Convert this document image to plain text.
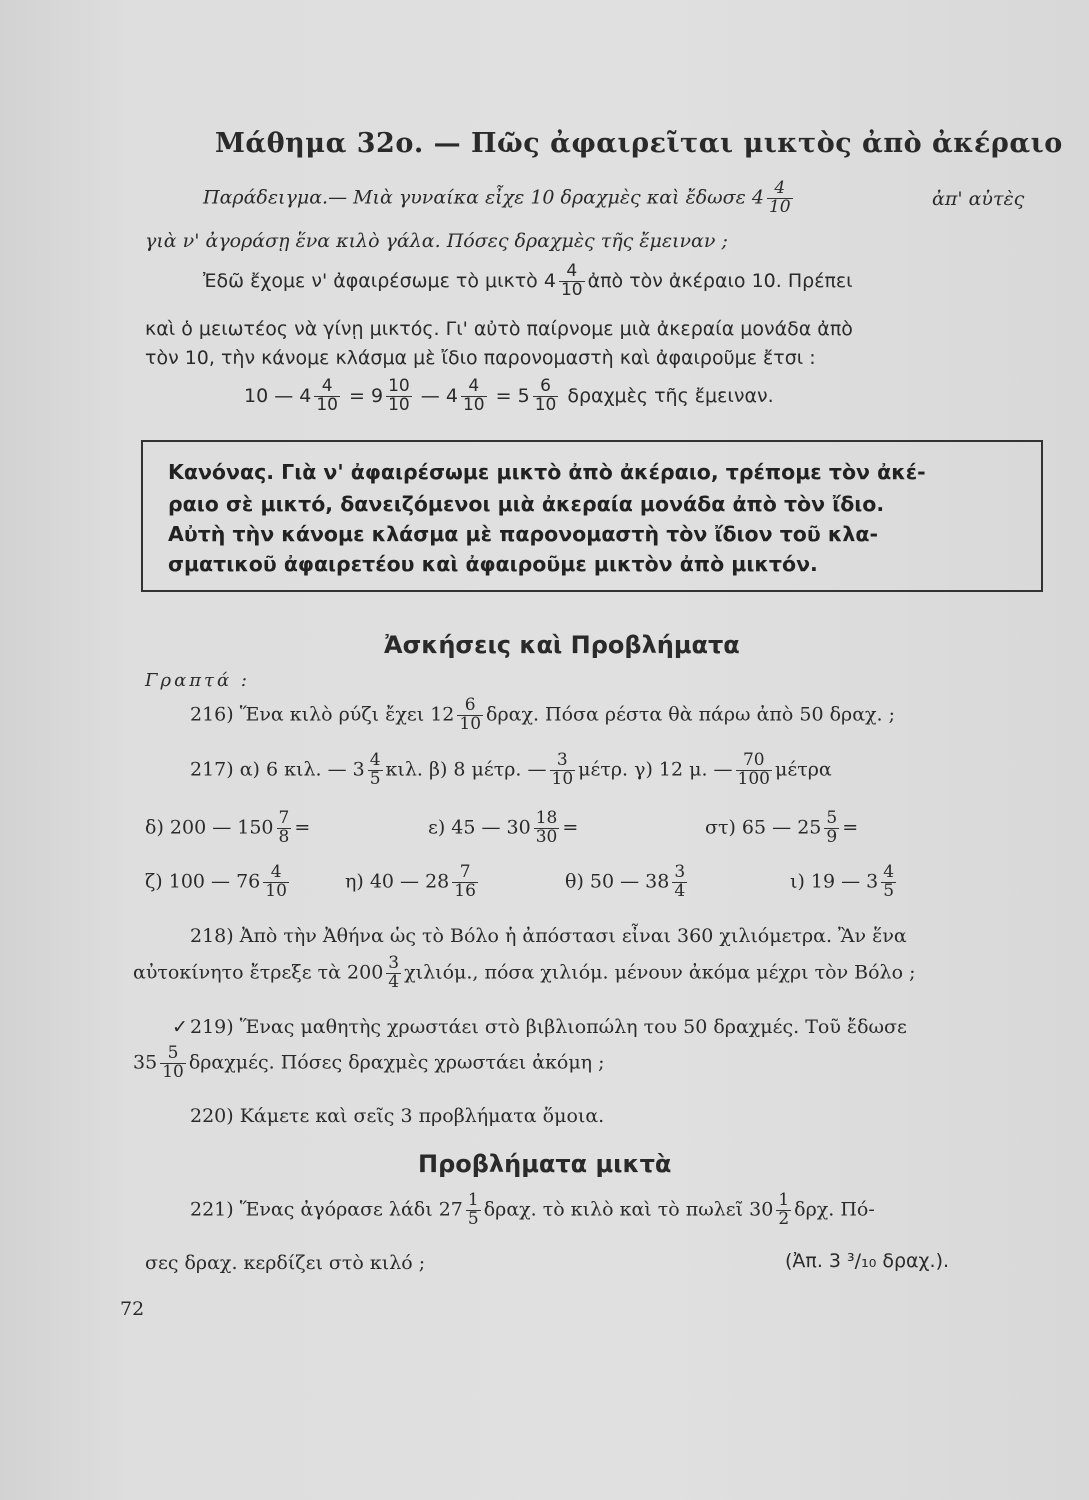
Μάθημα 32ο. — Πῶς ἀφαιρεῖται μικτὸς ἀπὸ ἀκέραιο
Παράδειγμα.— Μιὰ γυναίκα εἶχε 10 δραχμὲς καὶ ἔδωσε $4 \frac{4}{10}$	ἀπ' αὐτὲς
γιὰ ν' ἀγοράσῃ ἕνα κιλὸ γάλα. Πόσες δραχμὲς τῆς ἔμειναν ;
Ἐδῶ ἔχομε ν' ἀφαιρέσωμε τὸ μικτὸ $4 \frac{4}{10}$ ἀπὸ τὸν ἀκέραιο 10. Πρέπει
καὶ ὁ μειωτέος νὰ γίνῃ μικτός. Γι' αὐτὸ παίρνομε μιὰ ἀκεραία μονάδα ἀπὸ
τὸν 10, τὴν κάνομε κλάσμα μὲ ἴδιο παρονομαστὴ καὶ ἀφαιροῦμε ἔτσι :
10 — $4 \frac{4}{10} = 9 \frac{10}{10}$ — $4 \frac{4}{10} = 5 \frac{6}{10}$ δραχμὲς τῆς ἔμειναν.
Κανόνας. Γιὰ ν' ἀφαιρέσωμε μικτὸ ἀπὸ ἀκέραιο, τρέπομε τὸν ἀκέ-
ραιο σὲ μικτό, δανειζόμενοι μιὰ ἀκεραία μονάδα ἀπὸ τὸν ἴδιο.
Αὐτὴ τὴν κάνομε κλάσμα μὲ παρονομαστὴ τὸν ἴδιον τοῦ κλα-
σματικοῦ ἀφαιρετέου καὶ ἀφαιροῦμε μικτὸν ἀπὸ μικτόν.
Ἀσκήσεις καὶ Προβλήματα
Γραπτά :
216) Ἕνα κιλὸ ρύζι ἔχει $12 \frac{6}{10} \delta\rho\alpha\chi$. Πόσα ρέστα θὰ πάρω ἀπὸ 50 δραχ. ;
217) α) 6 κιλ. — $3 \frac{4}{5} \kappa\iota\lambda$. β) 8 μέτρ. — $\frac{3}{10} \mu έ\tau\rho$. γ) 12 μ. — $\frac{70}{100}$ μέτρα
δ) 200 — $150 \frac{7}{8}$ =	ε) 45 — $30 \frac{18}{30}$ =	στ) 65 — $25 \frac{5}{9}$ =
ζ) 100 — $76 \frac{4}{10}$	η) 40 — $28 \frac{7}{16}$	θ) 50 — $38 \frac{3}{4}$	ι) 19 — $3 \frac{4}{5}$
218) Ἀπὸ τὴν Ἀθήνα ὡς τὸ Βόλο ἡ ἀπόστασι εἶναι 360 χιλιόμετρα. Ἂν ἕνα
αὐτοκίνητο ἔτρεξε τὰ $200 \frac{3}{4} \chi\iota\lambda\iota ό\mu$., πόσα χιλιόμ. μένουν ἀκόμα μέχρι τὸν Βόλο ;
✓ 219) Ἕνας μαθητὴς χρωστάει στὸ βιβλιοπώλη του 50 δραχμές. Τοῦ ἔδωσε
$35 \frac{5}{10} \delta\rho\alpha\chi\mu έ\varsigma$. Πόσες δραχμὲς χρωστάει ἀκόμη ;
220) Κάμετε καὶ σεῖς 3 προβλήματα ὅμοια.
Προβλήματα μικτὰ
221) Ἕνας ἀγόρασε λάδι $27 \frac{1}{5} \delta\rho\alpha\chi$. τὸ κιλὸ καὶ τὸ πωλεῖ $30 \frac{1}{2} \delta\rho\chi$. Πό-
σες δραχ. κερδίζει στὸ κιλό ;	(Ἀπ. 3 ³/₁₀ δραχ.).
72
